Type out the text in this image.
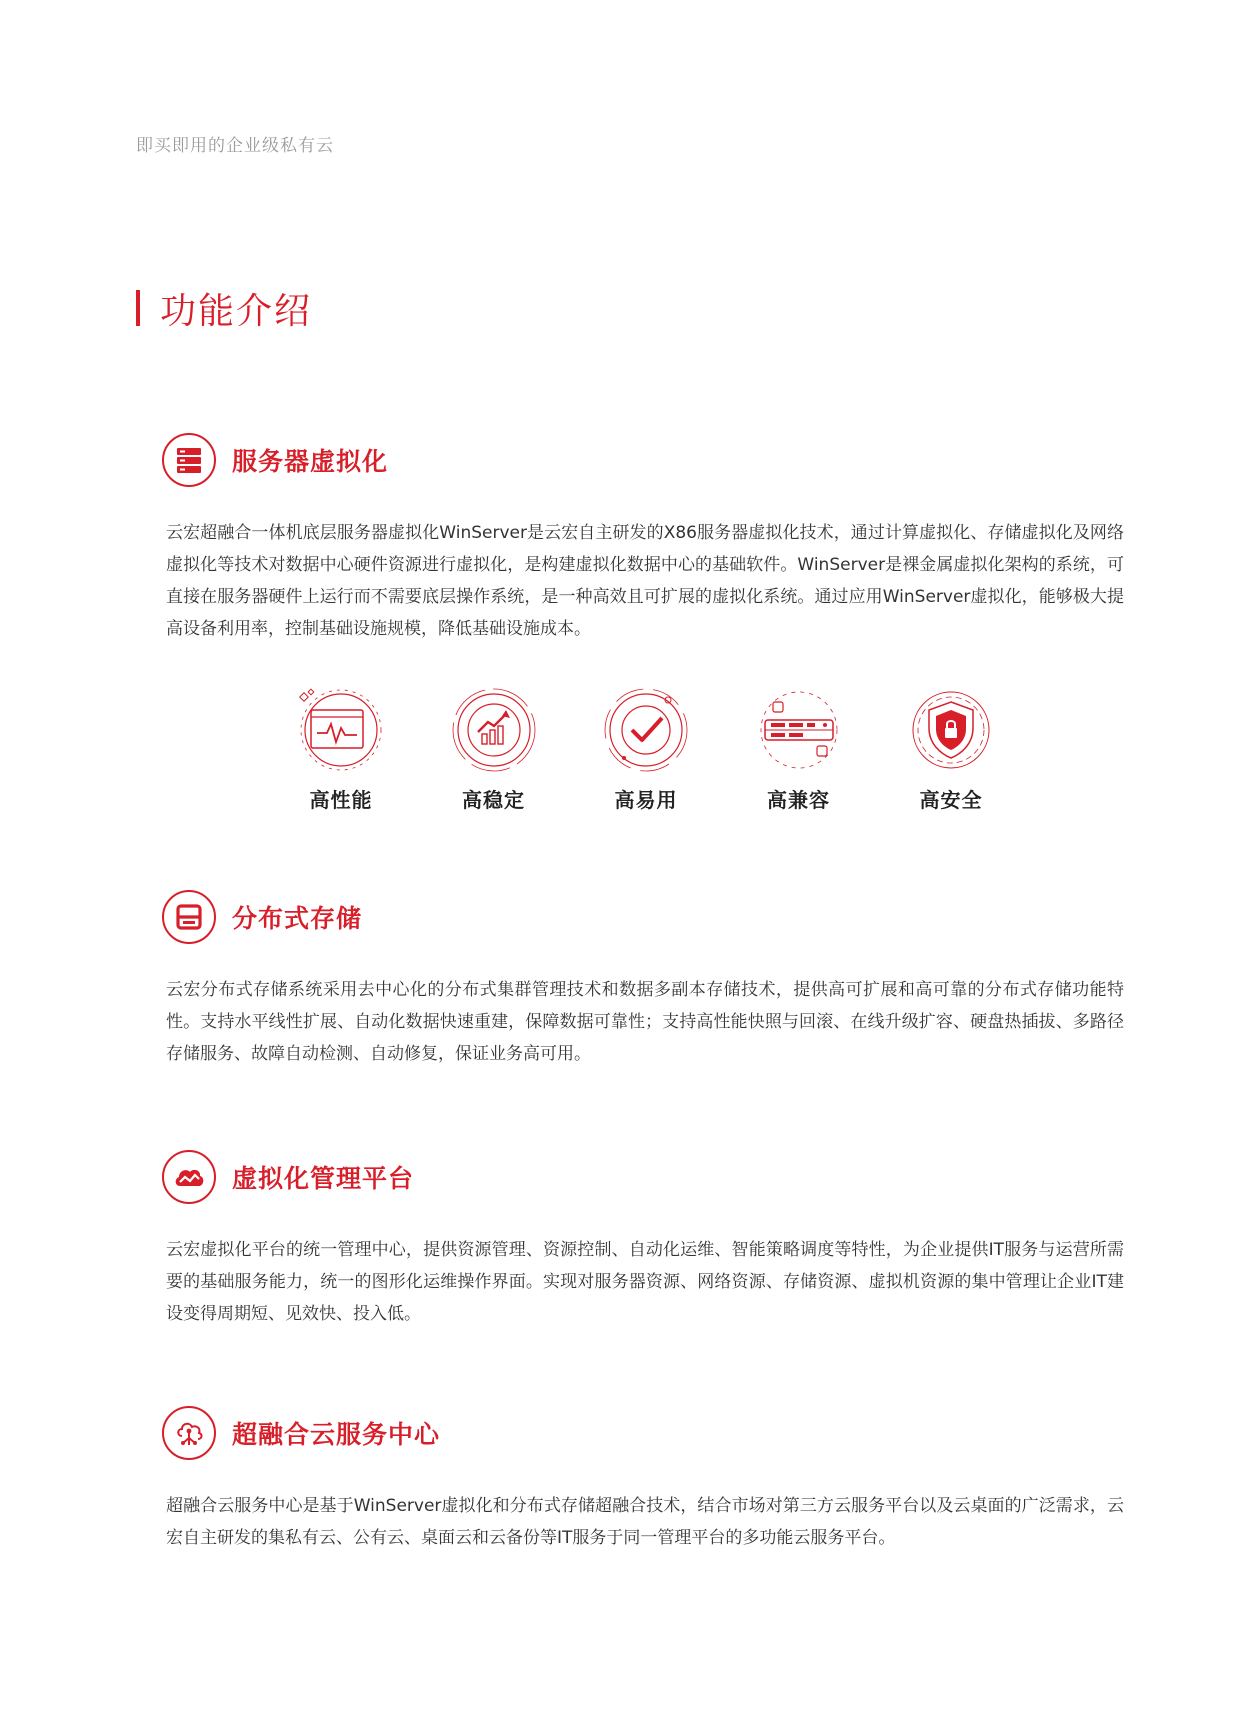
即买即用的企业级私有云
功能介绍
服务器虚拟化
云宏超融合一体机底层服务器虚拟化WinServer是云宏自主研发的X86服务器虚拟化技术，通过计算虚拟化、存储虚拟化及网络虚拟化等技术对数据中心硬件资源进行虚拟化，是构建虚拟化数据中心的基础软件。WinServer是裸金属虚拟化架构的系统，可直接在服务器硬件上运行而不需要底层操作系统，是一种高效且可扩展的虚拟化系统。通过应用WinServer虚拟化，能够极大提高设备利用率，控制基础设施规模，降低基础设施成本。
高性能	高稳定	高易用	高兼容	高安全
分布式存储
云宏分布式存储系统采用去中心化的分布式集群管理技术和数据多副本存储技术，提供高可扩展和高可靠的分布式存储功能特性。支持水平线性扩展、自动化数据快速重建，保障数据可靠性；支持高性能快照与回滚、在线升级扩容、硬盘热插拔、多路径存储服务、故障自动检测、自动修复，保证业务高可用。
虚拟化管理平台
云宏虚拟化平台的统一管理中心，提供资源管理、资源控制、自动化运维、智能策略调度等特性，为企业提供IT服务与运营所需要的基础服务能力，统一的图形化运维操作界面。实现对服务器资源、网络资源、存储资源、虚拟机资源的集中管理让企业IT建设变得周期短、见效快、投入低。
超融合云服务中心
超融合云服务中心是基于WinServer虚拟化和分布式存储超融合技术，结合市场对第三方云服务平台以及云桌面的广泛需求，云宏自主研发的集私有云、公有云、桌面云和云备份等IT服务于同一管理平台的多功能云服务平台。
